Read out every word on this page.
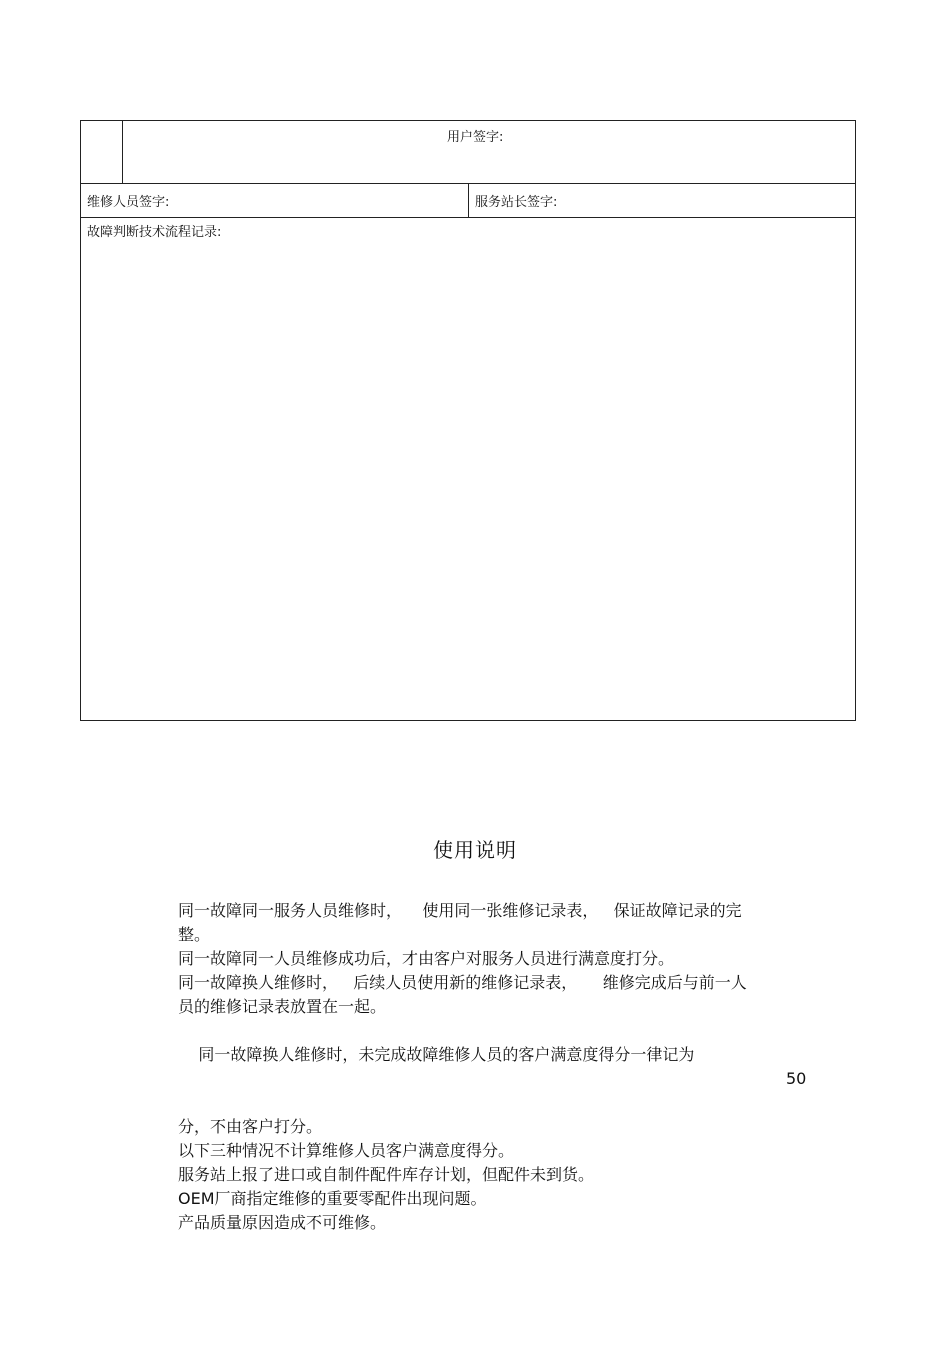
用户签字:
维修人员签字:	服务站长签字:
故障判断技术流程记录:
使用说明
同一故障同一服务人员维修时，    使用同一张维修记录表，   保证故障记录的完
整。
同一故障同一人员维修成功后，才由客户对服务人员进行满意度打分。
同一故障换人维修时，   后续人员使用新的维修记录表，     维修完成后与前一人
员的维修记录表放置在一起。

同一故障换人维修时，未完成故障维修人员的客户满意度得分一律记为

50

分，不由客户打分。
以下三种情况不计算维修人员客户满意度得分。
服务站上报了进口或自制件配件库存计划，但配件未到货。
OEM厂商指定维修的重要零配件出现问题。
产品质量原因造成不可维修。
